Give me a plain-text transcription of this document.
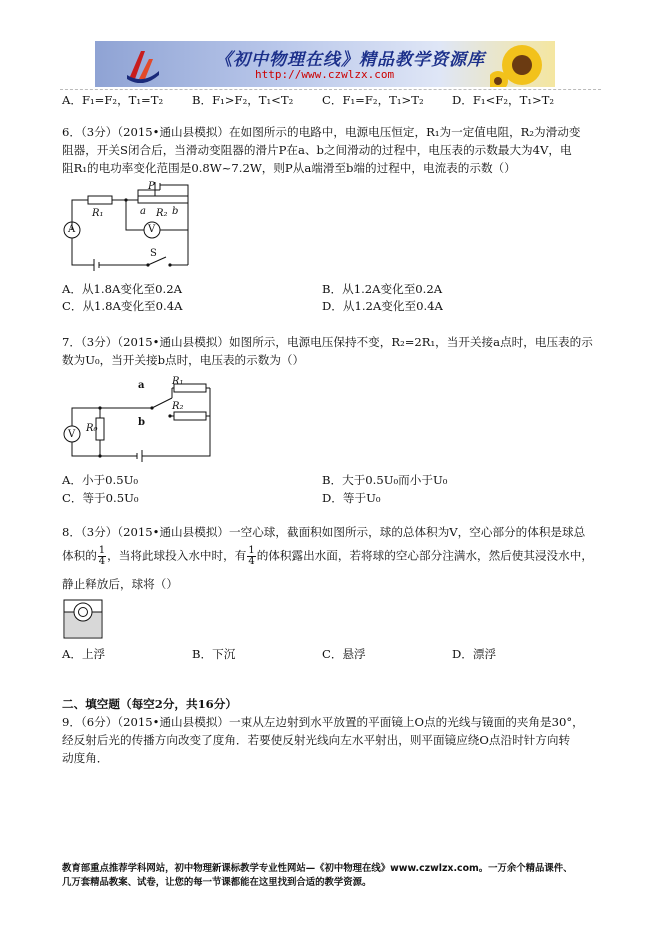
《初中物理在线》精品教学资源库
http://www.czwlzx.com
A．F₁=F₂，T₁=T₂ B．F₁>F₂，T₁<T₂ C．F₁=F₂，T₁>T₂ D．F₁<F₂，T₁>T₂
6．（3分）（2015•通山县模拟）在如图所示的电路中，电源电压恒定，R₁为一定值电阻，R₂为滑动变
阻器，开关S闭合后，当滑动变阻器的滑片P在a、b之间滑动的过程中，电压表的示数最大为4V，电
阻R₁的电功率变化范围是0.8W~7.2W，则P从a端滑至b端的过程中，电流表的示数（）
P
a	b
R₁	R₂
A	V
S
A．从1.8A变化至0.2A	B．从1.2A变化至0.2A
C．从1.8A变化至0.4A	D．从1.2A变化至0.4A
7．（3分）（2015•通山县模拟）如图所示，电源电压保持不变，R₂=2R₁，当开关接a点时，电压表的示
数为U₀，当开关接b点时，电压表的示数为（）
a
b
R₁
R₂
R₀
V
A．小于0.5U₀	B．大于0.5U₀而小于U₀
C．等于0.5U₀	D．等于U₀
8．（3分）（2015•通山县模拟）一空心球，截面积如图所示，球的总体积为V，空心部分的体积是球总
体积的 $\frac{1}{4}$ ，当将此球投入水中时，有 $\frac{1}{4}$ 的体积露出水面，若将球的空心部分注满水，然后使其浸没水中，
静止释放后，球将（）
A．上浮	B．下沉	C．悬浮	D．漂浮
二、填空题（每空2分，共16分）
9．（6分）（2015•通山县模拟）一束从左边射到水平放置的平面镜上O点的光线与镜面的夹角是30°，
经反射后光的传播方向改变了度角．若要使反射光线向左水平射出，则平面镜应绕O点沿时针方向转
动度角．
教育部重点推荐学科网站，初中物理新课标教学专业性网站—《初中物理在线》www.czwlzx.com。一万余个精品课件、
几万套精品教案、试卷，让您的每一节课都能在这里找到合适的教学资源。
